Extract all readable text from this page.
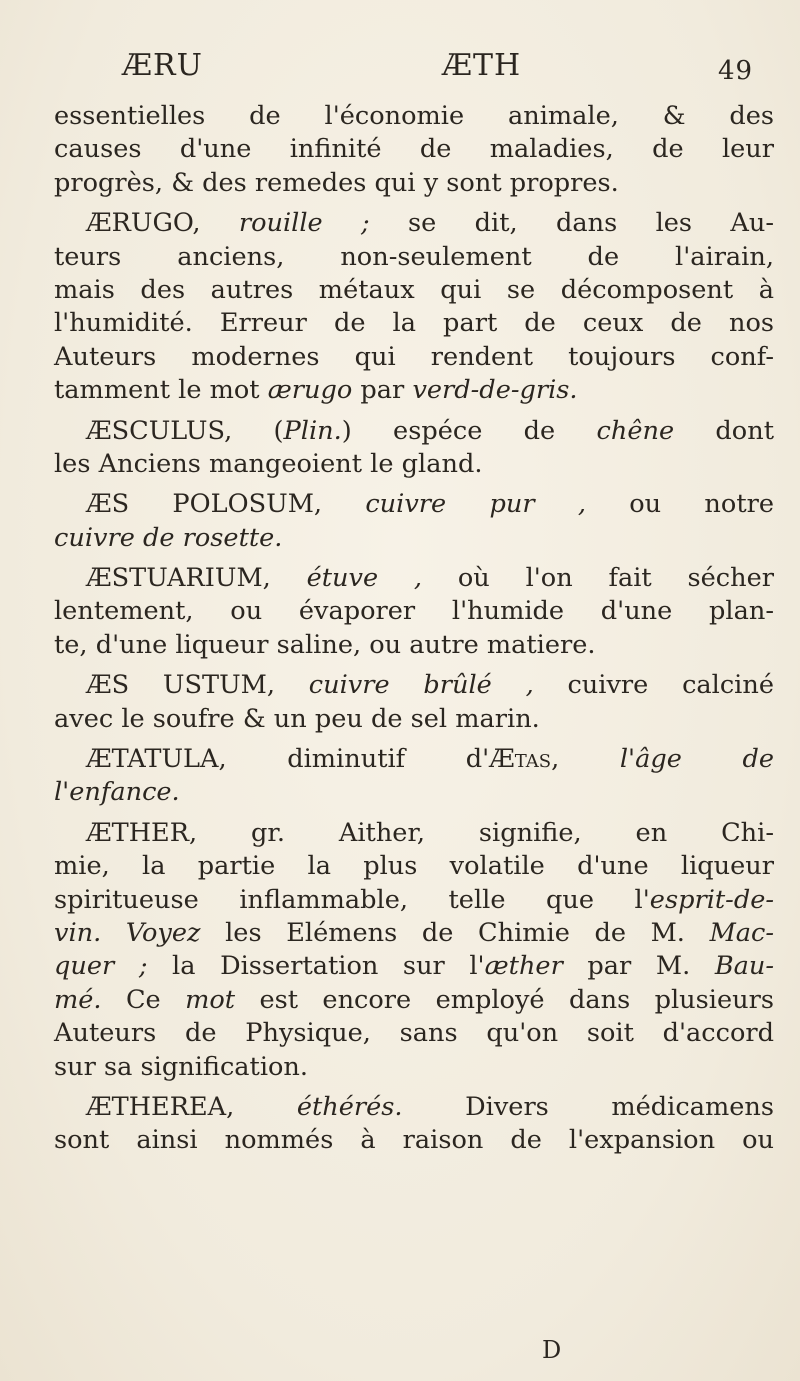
ÆRU	ÆTH	49
essentielles de l'économie animale, & des
causes d'une infinité de maladies, de leur
progrès, & des remedes qui y sont propres.
ÆRUGO, rouille ; se dit, dans les Au-
teurs anciens, non-seulement de l'airain,
mais des autres métaux qui se décomposent à
l'humidité. Erreur de la part de ceux de nos
Auteurs modernes qui rendent toujours conf-
tamment le mot ærugo par verd-de-gris.
ÆSCULUS, (Plin.) espéce de chêne dont
les Anciens mangeoient le gland.
ÆS POLOSUM, cuivre pur , ou notre
cuivre de rosette.
ÆSTUARIUM, étuve , où l'on fait sécher
lentement, ou évaporer l'humide d'une plan-
te, d'une liqueur saline, ou autre matiere.
ÆS USTUM, cuivre brûlé , cuivre calciné
avec le soufre & un peu de sel marin.
ÆTATULA, diminutif d'Ætas, l'âge de
l'enfance.
ÆTHER, gr. Aither, signifie, en Chi-
mie, la partie la plus volatile d'une liqueur
spiritueuse inflammable, telle que l'esprit-de-
vin. Voyez les Elémens de Chimie de M. Mac-
quer ; la Dissertation sur l'æther par M. Bau-
mé. Ce mot est encore employé dans plusieurs
Auteurs de Physique, sans qu'on soit d'accord
sur sa signification.
ÆTHEREA, éthérés. Divers médicamens
sont ainsi nommés à raison de l'expansion ou
D
